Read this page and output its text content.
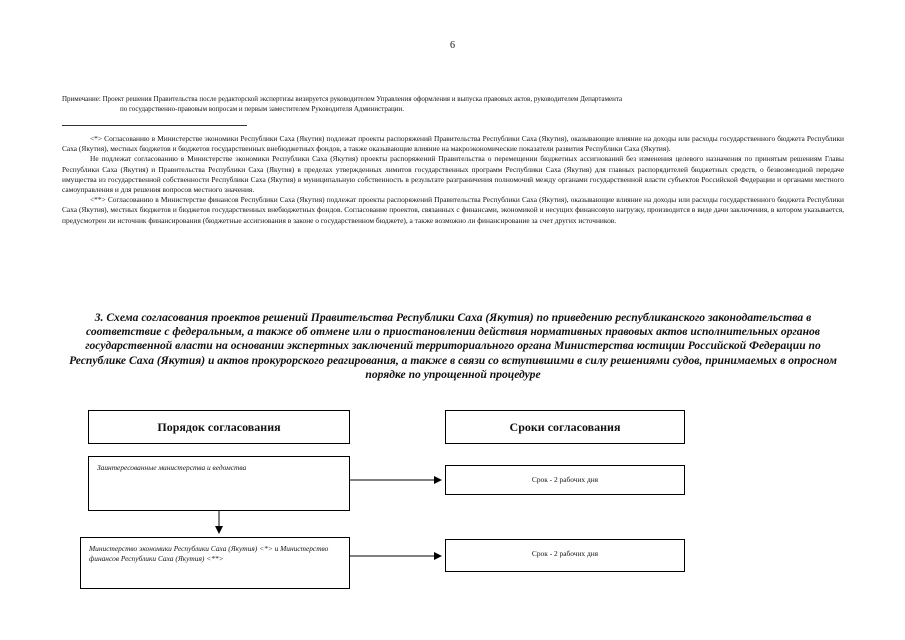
6
Примечание: Проект решения Правительства после редакторской экспертизы визируется руководителем Управления оформления и выпуска правовых актов, руководителем Департамента
по государственно-правовым вопросам и первым заместителем Руководителя Администрации.

<*> Согласованию в Министерстве экономики Республики Саха (Якутия) подлежат проекты распоряжений Правительства Республики Саха (Якутия), оказывающие влияние на доходы или расходы государственного бюджета Республики Саха (Якутия), местных бюджетов и бюджетов государственных внебюджетных фондов, а также оказывающие влияние на макроэкономические показатели развития Республики Саха (Якутия).

Не подлежат согласованию в Министерстве экономики Республики Саха (Якутия) проекты распоряжений Правительства о перемещении бюджетных ассигнований без изменения целевого назначения по принятым решениям Главы Республики Саха (Якутия) и Правительства Республики Саха (Якутия) в пределах утвержденных лимитов государственных программ Республики Саха (Якутия) для главных распорядителей бюджетных средств, о безвозмездной передаче имущества из государственной собственности Республики Саха (Якутия) в муниципальную собственность в результате разграничения полномочий между органами государственной власти субъектов Российской Федерации и органами местного самоуправления и для решения вопросов местного значения.

<**> Согласованию в Министерстве финансов Республики Саха (Якутия) подлежат проекты распоряжений Правительства Республики Саха (Якутия), оказывающие влияние на доходы или расходы государственного бюджета Республики Саха (Якутия), местных бюджетов и бюджетов государственных внебюджетных фондов. Согласование проектов, связанных с финансами, экономикой и несущих финансовую нагрузку, производится в виде дачи заключения, в котором указывается, предусмотрен ли источник финансирования (бюджетные ассигнования в законе о государственном бюджете), а также возможно ли финансирование за счет других источников.

3. Схема согласования проектов решений Правительства Республики Саха (Якутия) по приведению республиканского законодательства в соответствие с федеральным, а также об отмене или о приостановлении действия нормативных правовых актов исполнительных органов государственной власти на основании экспертных заключений территориального органа Министерства юстиции Российской Федерации по Республике Саха (Якутия) и актов прокурорского реагирования, а также в связи со вступившими в силу решениями судов, принимаемых в опросном порядке по упрощенной процедуре
Порядок согласования	Сроки согласования
Заинтересованные министерства и ведомства
Срок - 2 рабочих дня
Министерство экономики Республики Саха (Якутия) <*> и Министерство финансов Республики Саха (Якутия) <**>
Срок - 2 рабочих дня
